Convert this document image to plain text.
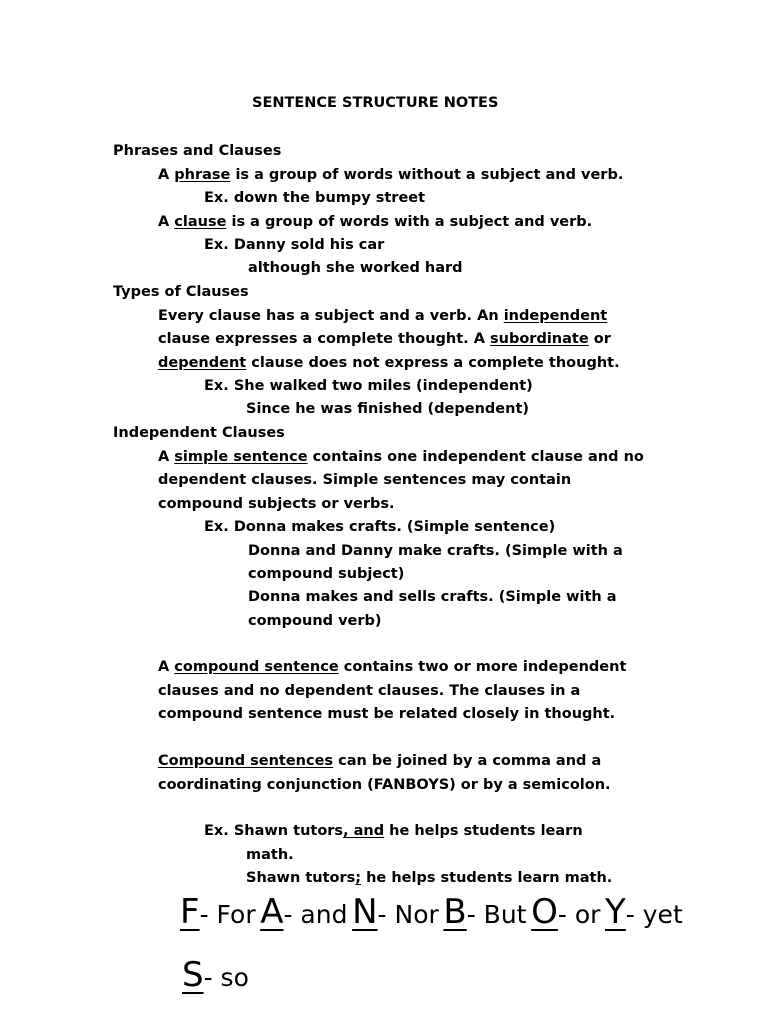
SENTENCE STRUCTURE NOTES
Phrases and Clauses
A phrase is a group of words without a subject and verb.
Ex. down the bumpy street
A clause is a group of words with a subject and verb.
Ex. Danny sold his car
although she worked hard
Types of Clauses
Every clause has a subject and a verb. An independent
clause expresses a complete thought. A subordinate or
dependent clause does not express a complete thought.
Ex. She walked two miles (independent)
Since he was finished (dependent)
Independent Clauses
A simple sentence contains one independent clause and no
dependent clauses. Simple sentences may contain
compound subjects or verbs.
Ex. Donna makes crafts. (Simple sentence)
Donna and Danny make crafts. (Simple with a
compound subject)
Donna makes and sells crafts. (Simple with a
compound verb)
A compound sentence contains two or more independent
clauses and no dependent clauses. The clauses in a
compound sentence must be related closely in thought.
Compound sentences can be joined by a comma and a
coordinating conjunction (FANBOYS) or by a semicolon.
Ex. Shawn tutors, and he helps students learn
math.
Shawn tutors; he helps students learn math.
F- For A- and N- Nor B- But O- or Y- yet
S- so
